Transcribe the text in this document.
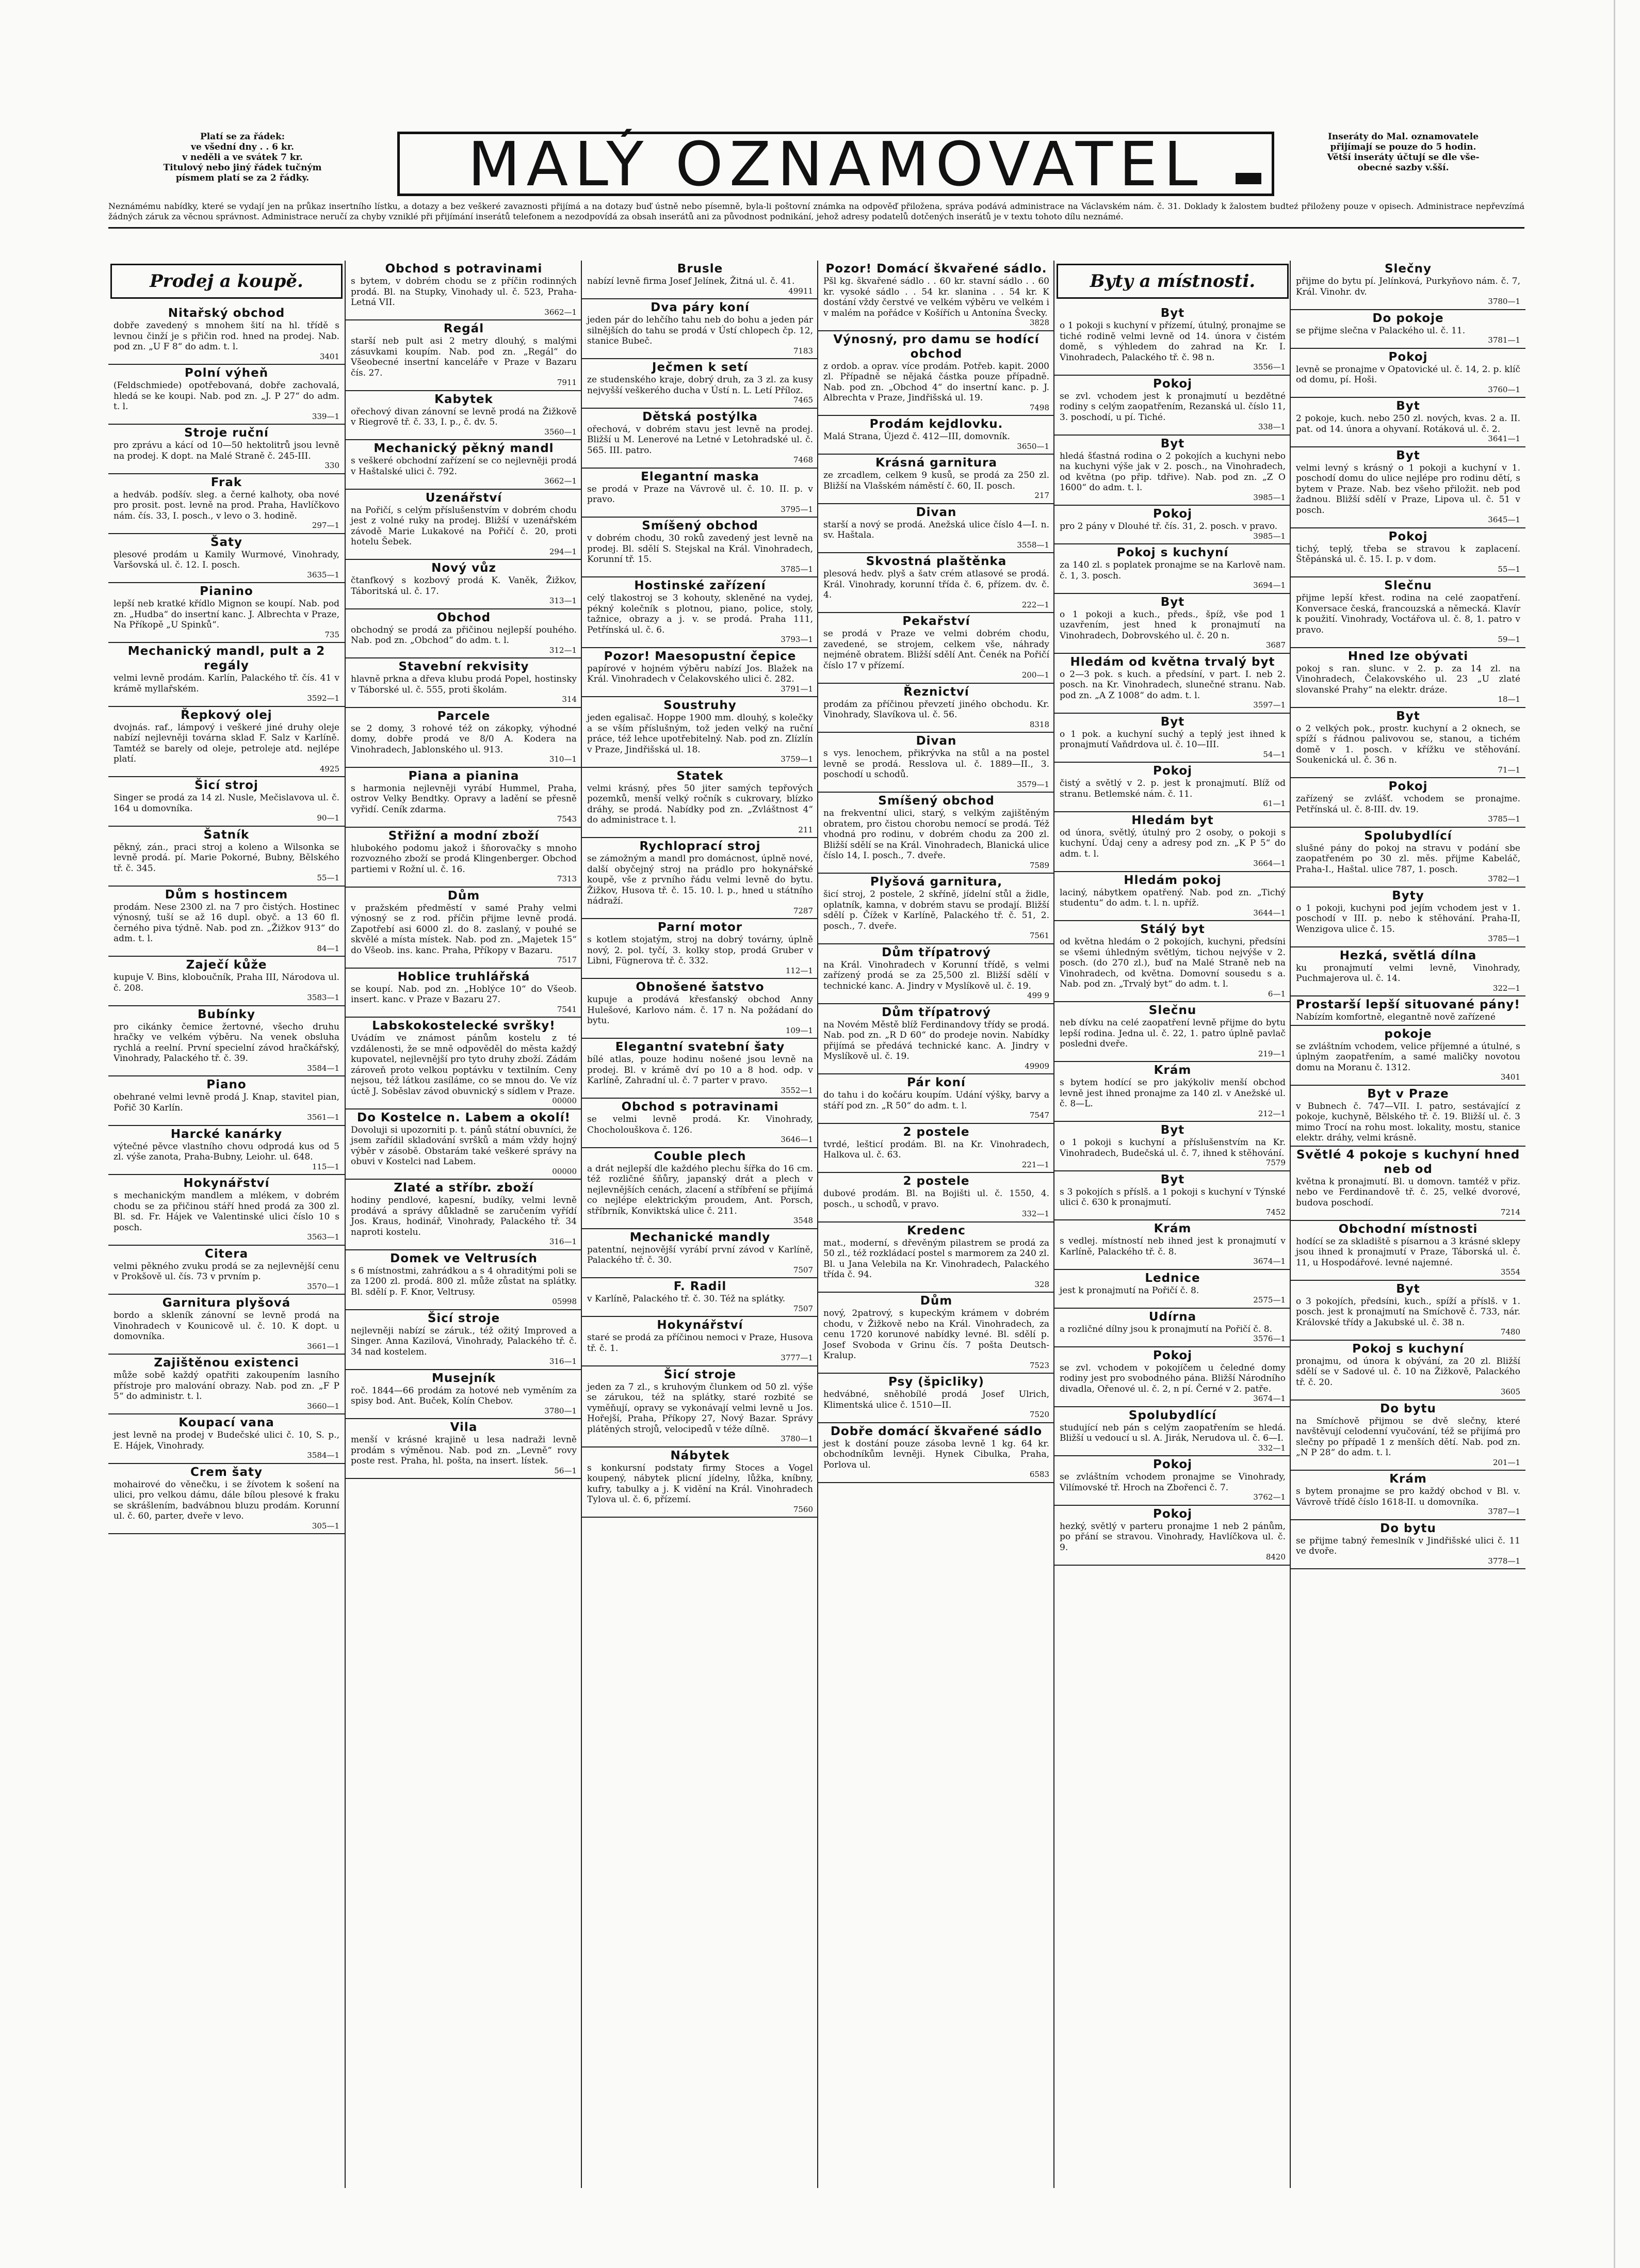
Platí se za řádek:
ve všední dny . . 6 kr.
v neděli a ve svátek 7 kr.
Titulový nebo jiný řádek tučným
písmem platí se za 2 řádky.	MALÝ OZNAMOVATEL	Inseráty do Mal. oznamovatele
přijímají se pouze do 5 hodin.
Větší inseráty účtují se dle vše-
obecné sazby v.šší.
Neznámému nabídky, které se vydají jen na průkaz insertního lístku, a dotazy a bez veškeré zavaznosti přijímá a na dotazy buď ústně nebo písemně, byla-li poštovní známka na odpověď přiložena, správa podává administrace na Václavském nám. č. 31. Doklady k žalostem budteź přiloženy pouze v opisech. Administrace nepřevzímá žádných záruk za věcnou správnost. Administrace neručí za chyby vzniklé při přijímání inserátů telefonem a nezodpovídá za obsah inserátů ani za původnost podnikání, jehož adresy podatelů dotčených inserátů je v textu tohoto dílu neznámé.
Prodej a koupě.
Nitařský obchod
dobře zavedený s mnohem šití na hl. třídě s levnou činží je s přičin rod. hned na prodej. Nab. pod zn. „U F 8“ do adm. t. l.
3401
Polní výheň
(Feldschmiede) opotřebovaná, dobře zachovalá, hledá se ke koupi. Nab. pod zn. „J. P 27“ do adm. t. l.
339—1
Stroje ruční
pro zprávu a kácí od 10—50 hektolitrů jsou levně na prodej. K dopt. na Malé Straně č. 245-III.
330
Frak
a hedváb. podšív. sleg. a černé kalhoty, oba nové pro prosit. post. levně na prod. Praha, Havlíčkovo nám. čís. 33, I. posch., v levo o 3. hodině.
297—1
Šaty
plesové prodám u Kamily Wurmové, Vinohrady, Varšovská ul. č. 12. I. posch.
3635—1
Pianino
lepší neb kratké křídlo Mignon se koupí. Nab. pod zn. „Hudba“ do insertní kanc. J. Albrechta v Praze, Na Příkopě „U Spinků“.
735
Mechanický mandl, pult a 2 regály
velmi levně prodám. Karlín, Palackého tř. čís. 41 v krámě myllařském.
3592—1
Řepkový olej
dvojnás. raf., lámpový i veškeré jiné druhy oleje nabízí nejlevněji továrna sklad F. Salz v Karlíně. Tamtéž se barely od oleje, petroleje atd. nejlépe platí.
4925
Šicí stroj
Singer se prodá za 14 zl. Nusle, Mečislavova ul. č. 164 u domovníka.
90—1
Šatník
pěkný, zán., praci stroj a koleno a Wilsonka se levně prodá. pí. Marie Pokorné, Bubny, Bělského tř. č. 345.
55—1
Dům s hostincem
prodám. Nese 2300 zl. na 7 pro čistých. Hostinec výnosný, tuší se až 16 dupl. obyč. a 13 60 fl. černého piva týdně. Nab. pod zn. „Žižkov 913“ do adm. t. l.
84—1
Zaječí kůže
kupuje V. Bins, kloboučník, Praha III, Národova ul. č. 208.
3583—1
Bubínky
pro cikánky čemice žertovné, všecho druhu hračky ve velkém výběru. Na venek obsluha rychlá a reelní. První specielní závod hračkářský, Vinohrady, Palackého tř. č. 39.
3584—1
Piano
obehrané velmi levně prodá J. Knap, stavitel pian, Pořič 30 Karlín.
3561—1
Harcké kanárky
výtečné pěvce vlastního chovu odprodá kus od 5 zl. výše zanota, Praha-Bubny, Leiohr. ul. 648.
115—1
Hokynářství
s mechanickým mandlem a mlékem, v dobrém chodu se za přičinou stáří hned prodá za 300 zl. Bl. sd. Fr. Hájek ve Valentinské ulici číslo 10 s posch.
3563—1
Citera
velmi pěkného zvuku prodá se za nejlevnější cenu v Prokšově ul. čís. 73 v prvním p.
3570—1
Garnitura plyšová
bordo a skleník zánovní se levně prodá na Vinohradech v Kounicově ul. č. 10. K dopt. u domovníka.
3661—1
Zajištěnou existenci
může sobě každý opatřiti zakoupením lasního přístroje pro malování obrazy. Nab. pod zn. „F P 5“ do administr. t. l.
3660—1
Koupací vana
jest levně na prodej v Budečské ulici č. 10, S. p., E. Hájek, Vinohrady.
3584—1
Crem šaty
mohairové do věnečku, i se žívotem k sošení na ulici, pro velkou dámu, dále bílou plesové k fraku se skrášlením, badvábnou bluzu prodám. Korunní ul. č. 60, parter, dveře v levo.
305—1
Obchod s potravinami
s bytem, v dobrém chodu se z příčin rodinných prodá. Bl. na Stupky, Vinohady ul. č. 523, Praha-Letná VII.
3662—1
Regál
starší neb pult asi 2 metry dlouhý, s malými zásuvkami koupím. Nab. pod zn. „Regál“ do Všeobecné insertní kanceláře v Praze v Bazaru čís. 27.
7911
Kabytek
ořechový divan zánovní se levně prodá na Žižkově v Riegrově tř. č. 33, I. p., č. dv. 5.
3560—1
Mechanický pěkný mandl
s veškeré obchodní zařízení se co nejlevněji prodá v Haštalské ulici č. 792.
3662—1
Uzenářství
na Pořičí, s celým příslušenstvím v dobrém chodu jest z volné ruky na prodej. Bližší v uzenářském závodě Marie Lukakové na Pořičí č. 20, proti hotelu Šebek.
294—1
Nový vůz
čtanfkový s kozbový prodá K. Vaněk, Žižkov, Táboritská ul. č. 17.
313—1
Obchod
obchodný se prodá za přičinou nejlepší pouhého. Nab. pod zn. „Obchod“ do adm. t. l.
312—1
Stavební rekvisity
hlavně prkna a dřeva klubu prodá Popel, hostinsky v Táborské ul. č. 555, proti školám.
314
Parcele
se 2 domy, 3 rohové též on zákopky, výhodné domy, dobře prodá ve 8/0 A. Kodera na Vinohradech, Jablonského ul. 913.
310—1
Piana a pianina
s harmonia nejlevněji vyrábí Hummel, Praha, ostrov Velky Bendtky. Opravy a ladění se přesně vyřidí. Ceník zdarma.
7543
Střižní a modní zboží
hlubokého podomu jakož i šňorovačky s mnoho rozvozného zboží se prodá Klingenberger. Obchod partiemi v Rožní ul. č. 16.
7313
Dům
v pražském předměstí v samé Prahy velmi výnosný se z rod. příčin přijme levně prodá. Zapotřebí asi 6000 zl. do 8. zaslaný, v pouhé se skvělé a místa místek. Nab. pod zn. „Majetek 15“ do Všeob. ins. kanc. Praha, Příkopy v Bazaru.
7517
Hoblice truhlářská
se koupí. Nab. pod zn. „Hoblýce 10“ do Všeob. insert. kanc. v Praze v Bazaru 27.
7541
Labskokostelecké svršky!
Uvádím ve známost pánům kostelu z té vzdálenosti, že se mně odpověděl do města každý kupovatel, nejlevnější pro tyto druhy zboží. Zádám zároveň proto velkou poptávku v textilním. Ceny nejsou, též látkou zasíláme, co se mnou do. Ve víz úctě J. Soběslav závod obuvnický s sídlem v Praze.
00000
Do Kostelce n. Labem a okolí!
Dovoluji si upozorniti p. t. pánů státní obuvníci, že jsem zařídil skladování svršků a mám vždy hojný výběr v zásobě. Obstarám také veškeré správy na obuvi v Kostelci nad Labem.
00000
Zlaté a stříbr. zboží
hodiny pendlové, kapesní, budíky, velmi levně prodává a správy důkladně se zaručením vyřídí Jos. Kraus, hodinář, Vinohrady, Palackého tř. 34 naproti kostelu.
316—1
Domek ve Veltrusích
s 6 místnostmi, zahrádkou a s 4 ohraditými poli se za 1200 zl. prodá. 800 zl. může zůstat na splátky. Bl. sdělí p. F. Knor, Veltrusy.
05998
Šicí stroje
nejlevněji nabízí se záruk., též ožitý Improved a Singer. Anna Kazilová, Vinohrady, Palackého tř. č. 34 nad kostelem.
316—1
Musejník
roč. 1844—66 prodám za hotové neb vyměním za spisy bod. Ant. Buček, Kolín Chebov.
3780—1
Vila
menší v krásné krajině u lesa nadraži levně prodám s výměnou. Nab. pod zn. „Levně“ rovy poste rest. Praha, hl. pošta, na insert. lístek.
56—1
Brusle
nabízí levně firma Josef Jelínek, Žitná ul. č. 41.
49911
Dva páry koní
jeden pár do lehčího tahu neb do bohu a jeden pár silnějších do tahu se prodá v Ústí chlopech čp. 12, stanice Bubeč.
7183
Ječmen k setí
ze studenského kraje, dobrý druh, za 3 zl. za kusy nejvyšší veškerého ducha v Ústí n. L. Letí Příloz.
7465
Dětská postýlka
ořechová, v dobrém stavu jest levně na prodej. Bližší u M. Lenerové na Letné v Letohradské ul. č. 565. III. patro.
7468
Elegantní maska
se prodá v Praze na Vávrově ul. č. 10. II. p. v pravo.
3795—1
Smíšený obchod
v dobrém chodu, 30 roků zavedený jest levně na prodej. Bl. sdělí S. Stejskal na Král. Vinohradech, Korunní tř. 15.
3785—1
Hostinské zařízení
celý tlakostroj se 3 kohouty, skleněné na vydej, pékný kolečník s plotnou, piano, police, stoly, tažnice, obrazy a j. v. se prodá. Praha 111, Petřínská ul. č. 6.
3793—1
Pozor! Maesopustní čepice
papírové v hojném výběru nabízí Jos. Blažek na Král. Vinohradech v Čelakovského ulici č. 282.
3791—1
Soustruhy
jeden egalisač. Hoppe 1900 mm. dlouhý, s kolečky a se vším příslušným, tož jeden velký na ruční práce, též lehce upotřebitelný. Nab. pod zn. Zlízlín v Praze, Jindřišská ul. 18.
3759—1
Statek
velmi krásný, přes 50 jiter samých tepřových pozemků, menší velký ročník s cukrovary, blízko dráhy, se prodá. Nabídky pod zn. „Zvláštnost 4“ do administrace t. l.
211
Rychloprací stroj
se zámožným a mandl pro domácnost, úplně nové, další obyčejný stroj na prádlo pro hokynářské koupě, vše z prvního řádu velmi levně do bytu. Žižkov, Husova tř. č. 15. 10. l. p., hned u státního nádraží.
7287
Parní motor
s kotlem stojatým, stroj na dobrý továrny, úplně nový, 2. pol. tyčí, 3. kolky stop, prodá Gruber v Libni, Fügnerova tř. č. 332.
112—1
Obnošené šatstvo
kupuje a prodává křesťanský obchod Anny Hulešové, Karlovo nám. č. 17 n. Na požádaní do bytu.
109—1
Elegantní svatební šaty
bílé atlas, pouze hodinu nošené jsou levně na prodej. Bl. v krámě dví po 10 a 8 hod. odp. v Karlíně, Zahradní ul. č. 7 parter v pravo.
3552—1
Obchod s potravinami
se velmi levně prodá. Kr. Vinohrady, Chocholouškova č. 126.
3646—1
Couble plech
a drát nejlepší dle každého plechu šířka do 16 cm. též rozličné šňůry, japanský drát a plech v nejlevnějších cenách, zlacení a stříbření se přijímá co nejlépe elektrickým proudem, Ant. Porsch, stříbrník, Konviktská ulice č. 211.
3548
Mechanické mandly
patentní, nejnovější vyrábí první závod v Karlíně, Palackého tř. č. 30.
7507
F. Radil
v Karlíně, Palackého tř. č. 30. Též na splátky.
7507
Hokynářství
staré se prodá za příčinou nemoci v Praze, Husova tř. č. 1.
3777—1
Šicí stroje
jeden za 7 zl., s kruhovým člunkem od 50 zl. výše se zárukou, též na splátky, staré rozbité se vyměňují, opravy se vykonávají velmi levně u Jos. Hořejší, Praha, Příkopy 27, Nový Bazar. Správy plátěných strojů, velocipedů v téže dílně.
3780—1
Nábytek
s konkursní podstaty firmy Stoces a Vogel koupený, nábytek plicní jídelny, lůžka, kníbny, kufry, tabulky a j. K vidění na Král. Vinohradech Tylova ul. č. 6, přízemí.
7560
Pozor! Domácí škvařené sádlo.
Pšl kg. škvařené sádlo . . 60 kr. stavní sádlo . . 60 kr. vysoké sádlo . . 54 kr. slanina . . 54 kr. K dostání vždy čerstvé ve velkém výběru ve velkém i v malém na pořádce v Košířích u Antonína Švecky.
3828
Výnosný, pro damu se hodící obchod
z ordob. a oprav. více prodám. Potřeb. kapit. 2000 zl. Případně se nějaká částka pouze případně. Nab. pod zn. „Obchod 4“ do insertní kanc. p. J. Albrechta v Praze, Jindřišská ul. 19.
7498
Prodám kejdlovku.
Malá Strana, Újezd č. 412—III, domovník.
3650—1
Krásná garnitura
ze zrcadlem, celkem 9 kusů, se prodá za 250 zl. Bližší na Vlašském náměstí č. 60, II. posch.
217
Divan
starší a nový se prodá. Anežská ulice číslo 4—I. n. sv. Haštala.
3558—1
Skvostná plaštěnka
plesová hedv. plyš a šatv crém atlasové se prodá. Král. Vinohrady, korunní třída č. 6, přízem. dv. č. 4.
222—1
Pekařství
se prodá v Praze ve velmi dobrém chodu, zavedené, se strojem, celkem vše, náhrady nejméně obratem. Bližší sdělí Ant. Čenék na Pořičí číslo 17 v přízemí.
200—1
Řeznictví
prodám za příčinou převzetí jiného obchodu. Kr. Vinohrady, Slavíkova ul. č. 56.
8318
Divan
s vys. lenochem, přikrývka na stůl a na postel levně se prodá. Resslova ul. č. 1889—II., 3. poschodí u schodů.
3579—1
Smíšený obchod
na frekventní ulici, starý, s velkým zajištěným obratem, pro čistou chorobu nemocí se prodá. Též vhodná pro rodinu, v dobrém chodu za 200 zl. Bližší sdělí se na Král. Vinohradech, Blanická ulice číslo 14, I. posch., 7. dveře.
7589
Plyšová garnitura,
šicí stroj, 2 postele, 2 skříně, jídelní stůl a židle, oplatník, kamna, v dobrém stavu se prodají. Bližší sdělí p. Čížek v Karlíně, Palackého tř. č. 51, 2. posch., 7. dveře.
7561
Dům třípatrový
na Král. Vinohradech v Korunní třídě, s velmi zařízený prodá se za 25,500 zl. Bližší sdělí v technické kanc. A. Jindry v Myslíkově ul. č. 19.
499 9
Dům třípatrový
na Novém Městě blíž Ferdinandovy třídy se prodá. Nab. pod zn. „R D 60“ do prodeje novin. Nabídky přijímá se předává technické kanc. A. Jindry v Myslíkově ul. č. 19.
49909
Pár koní
do tahu i do kočáru koupím. Udání výšky, barvy a stáří pod zn. „R 50“ do adm. t. l.
7547
2 postele
tvrdé, lešticí prodám. Bl. na Kr. Vinohradech, Halkova ul. č. 63.
221—1
2 postele
dubové prodám. Bl. na Bojišti ul. č. 1550, 4. posch., u schodů, v pravo.
332—1
Kredenc
mat., moderní, s dřevěným pilastrem se prodá za 50 zl., též rozkládací postel s marmorem za 240 zl. Bl. u Jana Velebila na Kr. Vinohradech, Palackého třída č. 94.
328
Dům
nový, 2patrový, s kupeckým krámem v dobrém chodu, v Žižkově nebo na Král. Vinohradech, za cenu 1720 korunové nabídky levné. Bl. sdělí p. Josef Svoboda v Grinu čís. 7 pošta Deutsch-Kralup.
7523
Psy (špicliky)
hedvábné, sněhobílé prodá Josef Ulrich, Klimentská ulice č. 1510—II.
7520
Dobře domácí škvařené sádlo
jest k dostání pouze zásoba levně 1 kg. 64 kr. obchodníkům levněji. Hynek Cibulka, Praha, Porlova ul.
6583
Byty a místnosti.
Byt
o 1 pokoji s kuchyní v přízemí, útulný, pronajme se tiché rodině velmi levně od 14. února v čistém domě, s výhledem do zahrad na Kr. I. Vinohradech, Palackého tř. č. 98 n.
3556—1
Pokoj
se zvl. vchodem jest k pronajmutí u bezdětné rodiny s celým zaopatřením, Rezanská ul. číslo 11, 3. poschodí, u pí. Tiché.
338—1
Byt
hledá šťastná rodina o 2 pokojích a kuchyni nebo na kuchyni výše jak v 2. posch., na Vinohradech, od května (po přip. tdřive). Nab. pod zn. „Z O 1600“ do adm. t. l.
3985—1
Pokoj
pro 2 pány v Dlouhé tř. čís. 31, 2. posch. v pravo.
3985—1
Pokoj s kuchyní
za 140 zl. s poplatek pronajme se na Karlově nam. č. 1, 3. posch.
3694—1
Byt
o 1 pokoji a kuch., předs., špíž, vše pod 1 uzavřením, jest hned k pronajmutí na Vinohradech, Dobrovského ul. č. 20 n.
3687
Hledám od května trvalý byt
o 2—3 pok. s kuch. a předsíní, v part. I. neb 2. posch. na Kr. Vinohradech, slunečné stranu. Nab. pod zn. „A Z 1008“ do adm. t. l.
3597—1
Byt
o 1 pok. a kuchyní suchý a teplý jest ihned k pronajmutí Vaňdrdova ul. č. 10—III.
54—1
Pokoj
čistý a světlý v 2. p. jest k pronajmutí. Blíž od stranu. Betlemské nám. č. 11.
61—1
Hledám byt
od února, světlý, útulný pro 2 osoby, o pokoji s kuchyní. Údaj ceny a adresy pod zn. „K P 5“ do adm. t. l.
3664—1
Hledám pokoj
laciný, nábytkem opatřený. Nab. pod zn. „Tichý studentu“ do adm. t. l. n. upříž.
3644—1
Stálý byt
od května hledám o 2 pokojích, kuchyni, předsíni se všemi úhledným světlým, tichou nejvýše v 2. posch. (do 270 zl.), buď na Malé Straně neb na Vinohradech, od května. Domovní sousedu s a. Nab. pod zn. „Trvalý byt“ do adm. t. l.
6—1
Slečnu
neb dívku na celé zaopatření levně přijme do bytu lepší rodina. Jedna ul. č. 22, 1. patro úplně pavlač posledni dveře.
219—1
Krám
s bytem hodící se pro jakýkoliv menší obchod levně jest ihned pronajme za 140 zl. v Anežské ul. č. 8—L.
212—1
Byt
o 1 pokoji s kuchyní a příslušenstvím na Kr. Vinohradech, Budečská ul. č. 7, ihned k stěhování.
7579
Byt
s 3 pokojích s příslš. a 1 pokoji s kuchyní v Týnské ulici č. 630 k pronajmutí.
7452
Krám
s vedlej. místností neb ihned jest k pronajmutí v Karlíně, Palackého tř. č. 8.
3674—1
Lednice
jest k pronajmutí na Pořičí č. 8.
2575—1
Udírna
a rozličné dílny jsou k pronajmutí na Pořičí č. 8.
3576—1
Pokoj
se zvl. vchodem v pokojíčem u čeledné domy rodiny jest pro svobodného pána. Bližší Národního divadla, Ořenové ul. č. 2, n pí. Černé v 2. patře.
3674—1
Spolubydlící
studující neb pán s celým zaopatřením se hledá. Bližší u vedoucí u sl. A. Jirák, Nerudova ul. č. 6—I.
332—1
Pokoj
se zvláštním vchodem pronajme se Vinohrady, Vilímovské tř. Hroch na Zbořenci č. 7.
3762—1
Pokoj
hezký, světlý v parteru pronajme 1 neb 2 pánům, po přání se stravou. Vinohrady, Havlíčkova ul. č. 9.
8420
Slečny
přijme do bytu pí. Jelínková, Purkyňovo nám. č. 7, Král. Vinohr. dv.
3780—1
Do pokoje
se přijme slečna v Palackého ul. č. 11.
3781—1
Pokoj
levně se pronajme v Opatovické ul. č. 14, 2. p. klíč od domu, pí. Hoši.
3760—1
Byt
2 pokoje, kuch. nebo 250 zl. nových, kvas. 2 a. II. pat. od 14. února a ohyvaní. Rotáková ul. č. 2.
3641—1
Byt
velmi levný s krásný o 1 pokoji a kuchyní v 1. poschodí domu do ulice nejlépe pro rodinu dětí, s bytem v Praze. Nab. bez všeho přiložit. neb pod žadnou. Bližší sdělí v Praze, Lipova ul. č. 51 v posch.
3645—1
Pokoj
tichý, teplý, třeba se stravou k zaplacení. Štěpánská ul. č. 15. I. p. v dom.
55—1
Slečnu
přijme lepší křest. rodina na celé zaopatření. Konversace česká, francouzská a německá. Klavír k použití. Vinohrady, Voctářova ul. č. 8, 1. patro v pravo.
59—1
Hned lze obývati
pokoj s ran. slunc. v 2. p. za 14 zl. na Vinohradech, Čelakovského ul. 23 „U zlaté slovanské Prahy“ na elektr. dráze.
18—1
Byt
o 2 velkých pok., prostr. kuchyní a 2 oknech, se spíží s řádnou palivovou se, stanou, a tichém domě v 1. posch. v křížku ve stěhování. Soukenická ul. č. 36 n.
71—1
Pokoj
zařízený se zvlášť. vchodem se pronajme. Petřínská ul. č. 8-III. dv. 19.
3785—1
Spolubydlící
slušné pány do pokoj na stravu v podání sbe zaopatřeném po 30 zl. měs. přijme Kabeláč, Praha-I., Haštal. ulice 787, 1. posch.
3782—1
Byty
o 1 pokoji, kuchyni pod jejím vchodem jest v 1. poschodí v III. p. nebo k stěhování. Praha-II, Wenzigova ulice č. 15.
3785—1
Hezká, světlá dílna
ku pronajmutí velmi levně, Vinohrady, Puchmajerova ul. č. 14.
322—1
Prostarší lepší situované pány!
Nabízím komfortně, elegantně nově zařízené
pokoje
se zvláštním vchodem, velice příjemné a útulné, s úplným zaopatřením, a samé maličky novotou domu na Moranu č. 1312.
3401
Byt v Praze
v Bubnech č. 747—VII. I. patro, sestávající z pokoje, kuchyně, Bělského tř. č. 19. Bližší ul. č. 3 mimo Trocí na rohu most. lokality, mostu, stanice elektr. dráhy, velmi krásně.
Světlé 4 pokoje s kuchyní hned neb od
května k pronajmutí. Bl. u domovn. tamtéž v přiz. nebo ve Ferdinandově tř. č. 25, velké dvorové, budova poschodí.
7214
Obchodní místnosti
hodící se za skladiště s písarnou a 3 krásné sklepy jsou ihned k pronajmutí v Praze, Táborská ul. č. 11, u Hospodářové. levné najemné.
3554
Byt
o 3 pokojích, předsíni, kuch., spíží a příslš. v 1. posch. jest k pronajmutí na Smíchově č. 733, nár. Královské třídy a Jakubské ul. č. 38 n.
7480
Pokoj s kuchyní
pronajmu, od února k obývání, za 20 zl. Bližší sdělí se v Sadové ul. č. 10 na Žižkově, Palackého tř. č. 20.
3605
Do bytu
na Smíchově přijmou se dvě slečny, které navštěvují celodenní vyučování, též se přijímá pro slečny po případě 1 z menších dětí. Nab. pod zn. „N P 28“ do adm. t. l.
201—1
Krám
s bytem pronajme se pro každý obchod v Bl. v. Vávrově třídě číslo 1618-II. u domovníka.
3787—1
Do bytu
se přijme tabný řemeslník v Jindřišské ulici č. 11 ve dvoře.
3778—1
